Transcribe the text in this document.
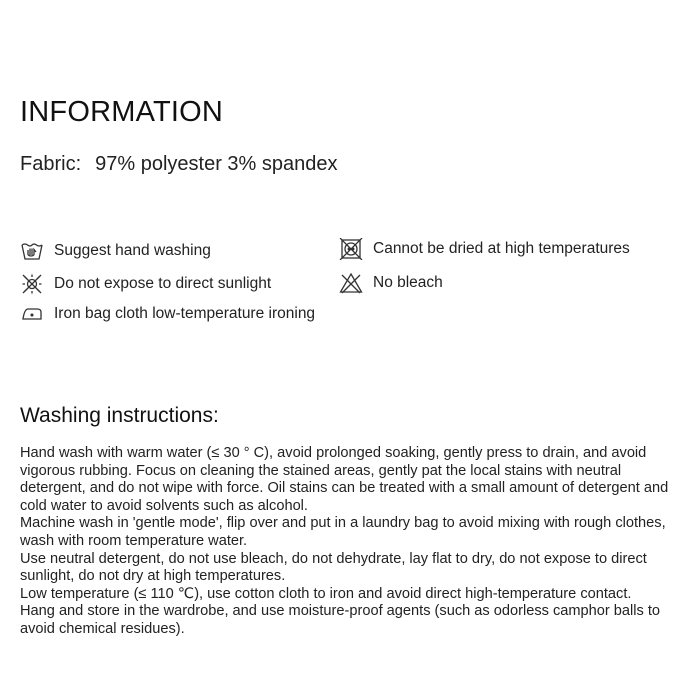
INFORMATION
Fabric: 97% polyester 3% spandex
Suggest hand washing
Do not expose to direct sunlight
Iron bag cloth low-temperature ironing
Cannot be dried at high temperatures
No bleach
Washing instructions:

Hand wash with warm water (≤ 30 ° C), avoid prolonged soaking, gently press to drain, and avoid vigorous rubbing. Focus on cleaning the stained areas, gently pat the local stains with neutral detergent, and do not wipe with force. Oil stains can be treated with a small amount of detergent and cold water to avoid solvents such as alcohol.

Machine wash in 'gentle mode', flip over and put in a laundry bag to avoid mixing with rough clothes, wash with room temperature water.

Use neutral detergent, do not use bleach, do not dehydrate, lay flat to dry, do not expose to direct sunlight, do not dry at high temperatures.

Low temperature (≤ 110 ℃), use cotton cloth to iron and avoid direct high-temperature contact.

Hang and store in the wardrobe, and use moisture-proof agents (such as odorless camphor balls to avoid chemical residues).
